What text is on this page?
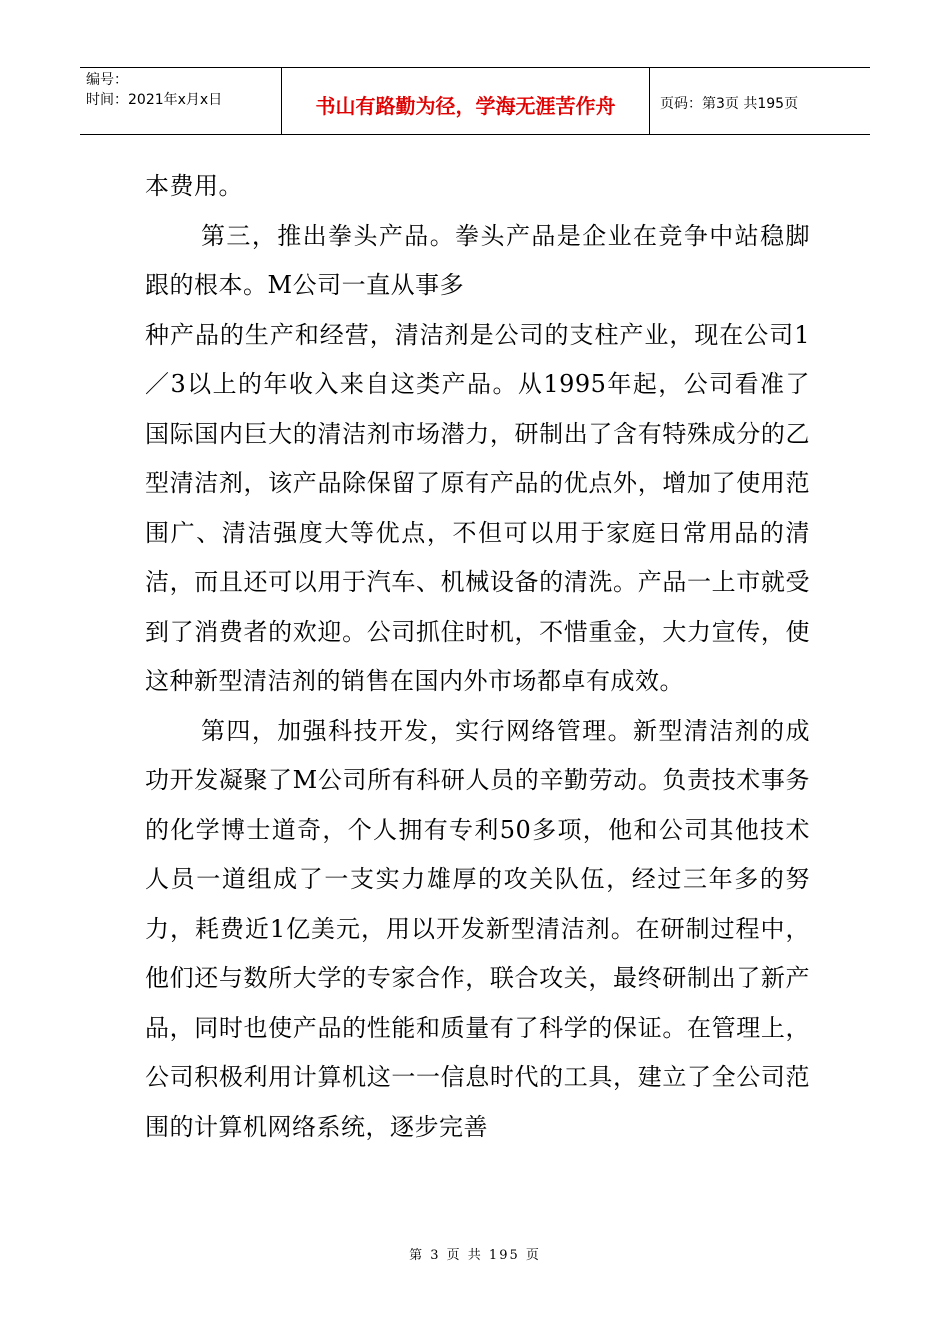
编号：
时间：2021年x月x日	书山有路勤为径，学海无涯苦作舟	页码：第3页 共195页

本费用。

第三，推出拳头产品。拳头产品是企业在竞争中站稳脚跟的根本。M公司一直从事多

种产品的生产和经营，清洁剂是公司的支柱产业，现在公司1／3以上的年收入来自这类产品。从1995年起，公司看准了国际国内巨大的清洁剂市场潜力，研制出了含有特殊成分的乙型清洁剂，该产品除保留了原有产品的优点外，增加了使用范围广、清洁强度大等优点，不但可以用于家庭日常用品的清洁，而且还可以用于汽车、机械设备的清洗。产品一上市就受到了消费者的欢迎。公司抓住时机，不惜重金，大力宣传，使这种新型清洁剂的销售在国内外市场都卓有成效。

第四，加强科技开发，实行网络管理。新型清洁剂的成功开发凝聚了M公司所有科研人员的辛勤劳动。负责技术事务的化学博士道奇，个人拥有专利50多项，他和公司其他技术人员一道组成了一支实力雄厚的攻关队伍，经过三年多的努力，耗费近1亿美元，用以开发新型清洁剂。在研制过程中，他们还与数所大学的专家合作，联合攻关，最终研制出了新产品，同时也使产品的性能和质量有了科学的保证。在管理上，公司积极利用计算机这一一信息时代的工具，建立了全公司范围的计算机网络系统，逐步完善

第 3 页 共 195 页
